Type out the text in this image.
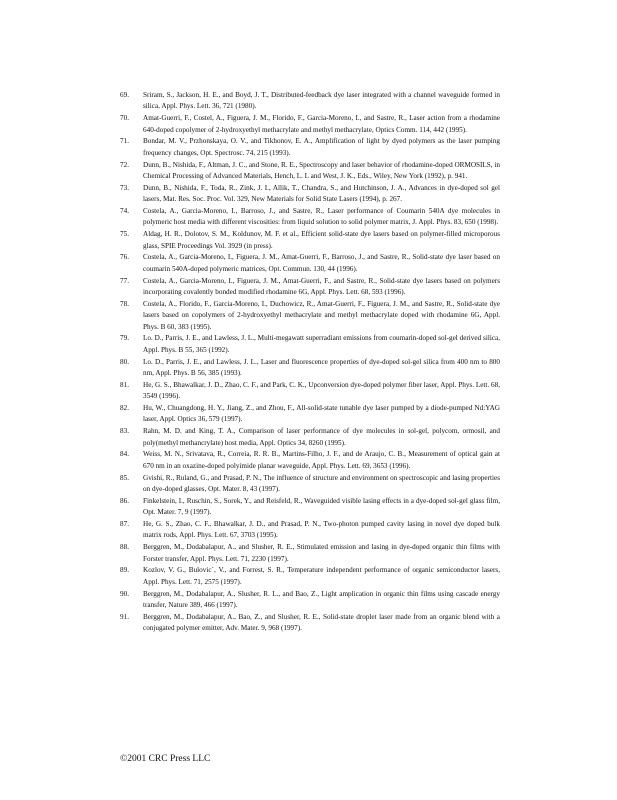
69. Sriram, S., Jackson, H. E., and Boyd, J. T., Distributed-feedback dye laser integrated with a channel waveguide formed in silica, Appl. Phys. Lett. 36, 721 (1980).
70. Amat-Guerri, F., Costel, A., Figuera, J. M., Florido, F., Garcia-Moreno, I., and Sastre, R., Laser action from a rhodamine 640-doped copolymer of 2-hydroxyethyl methacrylate and methyl methacrylate, Optics Comm. 114, 442 (1995).
71. Bondar, M. V., Przhonskaya, O. V., and Tikhonov, E. A., Amplification of light by dyed polymers as the laser pumping frequency changes, Opt. Spectrosc. 74, 215 (1993).
72. Dunn, B., Nishida, F., Altman, J. C., and Stone, R. E., Spectroscopy and laser behavior of rhodamine-doped ORMOSILS, in Chemical Processing of Advanced Materials, Hench, L. L and West, J. K., Eds., Wiley, New York (1992), p. 941.
73. Dunn, B., Nishida, F., Toda, R., Zink, J. I., Allik, T., Chandra, S., and Hutchinson, J. A., Advances in dye-doped sol gel lasers, Mat. Res. Soc. Proc. Vol. 329, New Materials for Solid State Lasers (1994), p. 267.
74. Costela, A., Garcia-Moreno, I., Barroso, J., and Sastre, R., Laser performance of Coumarin 540A dye molecules in polymeric host media with different viscosities: from liquid solution to solid polymer matrix, J. Appl. Phys. 83, 650 (1998).
75. Aldag, H. R., Dolotov, S. M., Koldunov, M. F. et al., Efficient solid-state dye lasers based on polymer-filled microporous glass, SPIE Proceedings Vol. 3929 (in press).
76. Costela, A., Garcia-Moreno, I., Figuera, J. M., Amat-Guerri, F., Barroso, J., and Sastre, R., Solid-state dye laser based on coumarin 540A-doped polymeric matrices, Opt. Commun. 130, 44 (1996).
77. Costela, A., Garcia-Moreno, I., Figuera, J. M., Amat-Guerri, F., and Sastre, R., Solid-state dye lasers based on polymers incorporating covalently bonded modified rhodamine 6G, Appl. Phys. Lett. 68, 593 (1996).
78. Costela, A., Florido, F., Garcia-Moreno, I., Duchowicz, R., Amat-Guerri, F., Figuera, J. M., and Sastre, R., Solid-state dye lasers based on copolymers of 2-hydroxyethyl methacrylate and methyl methacrylate doped with rhodamine 6G, Appl. Phys. B 60, 383 (1995).
79. Lo. D., Parris, J. E., and Lawless, J. L., Multi-megawatt superradiant emissions from coumarin-doped sol-gel derived silica, Appl. Phys. B 55, 365 (1992).
80. Lo. D., Parris, J. E., and Lawless, J. L., Laser and fluorescence properties of dye-doped sol-gel silica from 400 nm to 800 nm, Appl. Phys. B 56, 385 (1993).
81. He, G. S., Bhawalkar, J. D., Zhao, C. F., and Park, C. K., Upconversion dye-doped polymer fiber laser, Appl. Phys. Lett. 68, 3549 (1996).
82. Hu, W., Chuangdong, H. Y., Jiang, Z., and Zhou, F., All-solid-state tunable dye laser pumped by a diode-pumped Nd:YAG laser, Appl. Optics 36, 579 (1997).
83. Rahn, M. D. and King, T. A., Comparison of laser performance of dye molecules in sol-gel, polycom, ormosil, and poly(methyl methancrylate) host media, Appl. Optics 34, 8260 (1995).
84. Weiss, M. N., Srivatava, R., Correia, R. R. B., Martins-Filho, J. F., and de Araujo, C. B., Measurement of optical gain at 670 nm in an oxazine-doped polyimide planar waveguide, Appl. Phys. Lett. 69, 3653 (1996).
85. Gvishi, R., Ruland, G., and Prasad, P. N., The influence of structure and environment on spectroscopic and lasing properties on dye-doped glasses, Opt. Mater. 8, 43 (1997).
86. Finkelstein, I., Ruschin, S., Sorek, Y., and Reisfeld, R., Waveguided visible lasing effects in a dye-doped sol-gel glass film, Opt. Mater. 7, 9 (1997).
87. He, G. S., Zhao, C. F., Bhawalkar, J. D., and Prasad, P. N., Two-photon pumped cavity lasing in novel dye doped bulk matrix rods, Appl. Phys. Lett. 67, 3703 (1995).
88. Berggren, M., Dodabalapur, A., and Slusher, R. E., Stimulated emission and lasing in dye-doped organic thin films with Forster transfer, Appl. Phys. Lett. 71, 2230 (1997).
89. Kozlov, V. G., Bulovic´, V., and Forrest, S. R., Temperature independent performance of organic semiconductor lasers, Appl. Phys. Lett. 71, 2575 (1997).
90. Berggren, M., Dodabalapur, A., Slusher, R. L., and Bao, Z., Light amplication in organic thin films using cascade energy transfer, Nature 389, 466 (1997).
91. Berggren, M., Dodabalapur, A., Bao, Z., and Slusher, R. E., Solid-state droplet laser made from an organic blend with a conjugated polymer emitter, Adv. Mater. 9, 968 (1997).
©2001 CRC Press LLC
